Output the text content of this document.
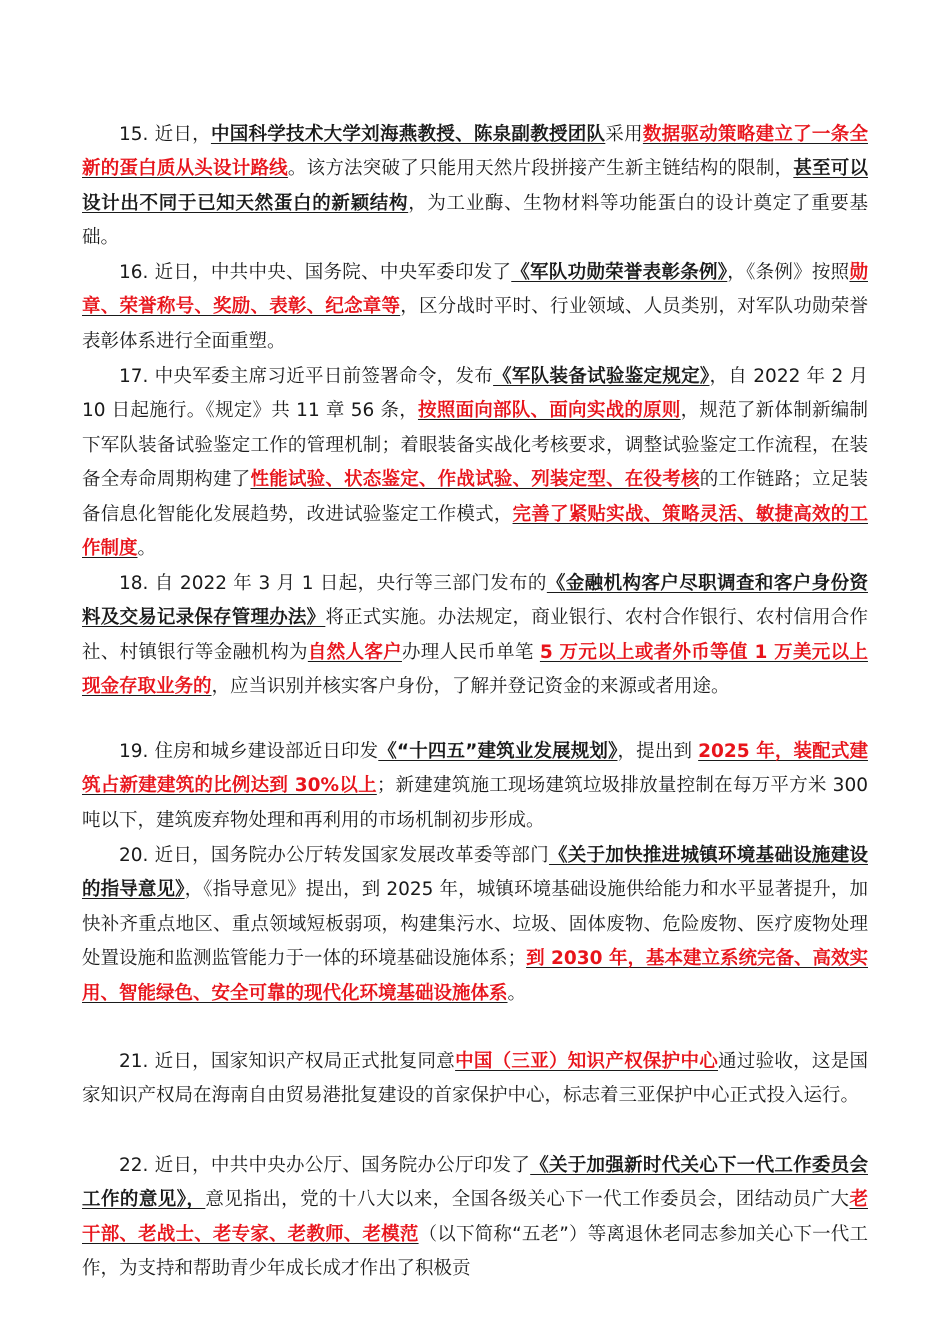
15. 近日，中国科学技术大学刘海燕教授、陈泉副教授团队采用数据驱动策略建立了一条全新的蛋白质从头设计路线。该方法突破了只能用天然片段拼接产生新主链结构的限制，甚至可以设计出不同于已知天然蛋白的新颖结构，为工业酶、生物材料等功能蛋白的设计奠定了重要基础。

16. 近日，中共中央、国务院、中央军委印发了《军队功勋荣誉表彰条例》，《条例》按照勋章、荣誉称号、奖励、表彰、纪念章等，区分战时平时、行业领域、人员类别，对军队功勋荣誉表彰体系进行全面重塑。

17. 中央军委主席习近平日前签署命令，发布《军队装备试验鉴定规定》，自 2022 年 2 月 10 日起施行。《规定》共 11 章 56 条，按照面向部队、面向实战的原则，规范了新体制新编制下军队装备试验鉴定工作的管理机制；着眼装备实战化考核要求，调整试验鉴定工作流程，在装备全寿命周期构建了性能试验、状态鉴定、作战试验、列装定型、在役考核的工作链路；立足装备信息化智能化发展趋势，改进试验鉴定工作模式，完善了紧贴实战、策略灵活、敏捷高效的工作制度。

18. 自 2022 年 3 月 1 日起，央行等三部门发布的《金融机构客户尽职调查和客户身份资料及交易记录保存管理办法》将正式实施。办法规定，商业银行、农村合作银行、农村信用合作社、村镇银行等金融机构为自然人客户办理人民币单笔 5 万元以上或者外币等值 1 万美元以上现金存取业务的，应当识别并核实客户身份，了解并登记资金的来源或者用途。

19. 住房和城乡建设部近日印发《“十四五”建筑业发展规划》，提出到 2025 年，装配式建筑占新建建筑的比例达到 30%以上；新建建筑施工现场建筑垃圾排放量控制在每万平方米 300 吨以下，建筑废弃物处理和再利用的市场机制初步形成。

20. 近日，国务院办公厅转发国家发展改革委等部门《关于加快推进城镇环境基础设施建设的指导意见》，《指导意见》提出，到 2025 年，城镇环境基础设施供给能力和水平显著提升，加快补齐重点地区、重点领域短板弱项，构建集污水、垃圾、固体废物、危险废物、医疗废物处理处置设施和监测监管能力于一体的环境基础设施体系；到 2030 年，基本建立系统完备、高效实用、智能绿色、安全可靠的现代化环境基础设施体系。

21. 近日，国家知识产权局正式批复同意中国（三亚）知识产权保护中心通过验收，这是国家知识产权局在海南自由贸易港批复建设的首家保护中心，标志着三亚保护中心正式投入运行。

22. 近日，中共中央办公厅、国务院办公厅印发了《关于加强新时代关心下一代工作委员会工作的意见》，意见指出，党的十八大以来，全国各级关心下一代工作委员会，团结动员广大老干部、老战士、老专家、老教师、老模范（以下简称“五老”）等离退休老同志参加关心下一代工作，为支持和帮助青少年成长成才作出了积极贡
